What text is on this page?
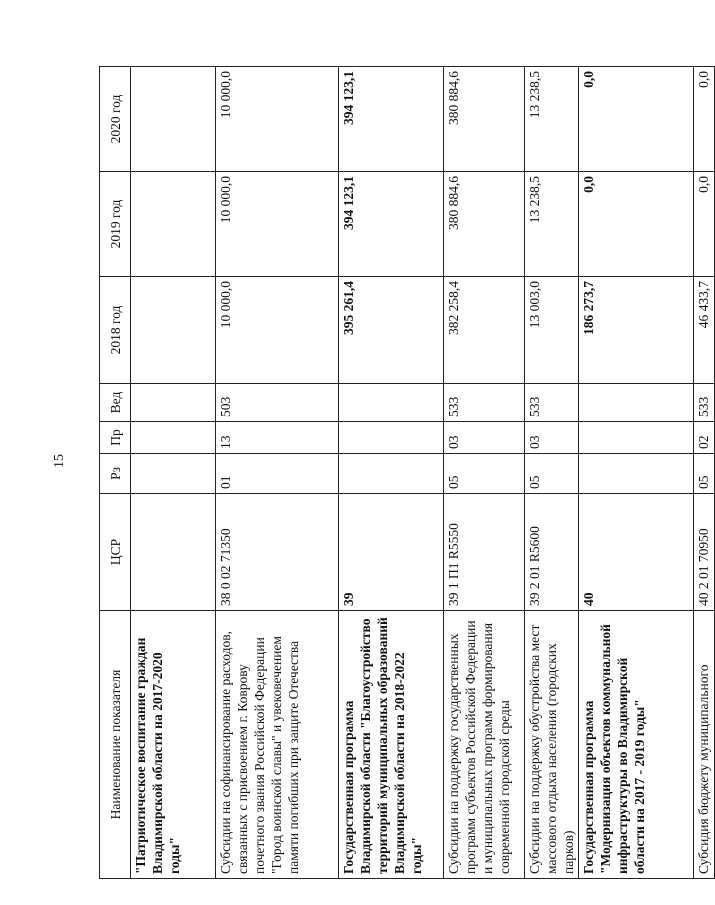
15
Наименование показателя	ЦСР	Рз	Пр	Вед	2018 год	2019 год	2020 год
"Патриотическое воспитание граждан Владимирской области на 2017-2020 годы"							
Субсидии на софинансирование расходов, связанных с присвоением г. Коврову почетного звания Российской Федерации "Город воинской славы" и увековечением памяти погибших при защите Отечества	38 0 02 71350	01	13	503	10 000,0	10 000,0	10 000,0
Государственная программа Владимирской области "Благоустройство территорий муниципальных образований Владимирской области на 2018-2022 годы"	39				395 261,4	394 123,1	394 123,1
Субсидии на поддержку государственных программ субъектов Российской Федерации и муниципальных программ формирования современной городской среды	39 1 П1 R5550	05	03	533	382 258,4	380 884,6	380 884,6
Субсидии на поддержку обустройства мест массового отдыха населения (городских парков)	39 2 01 R5600	05	03	533	13 003,0	13 238,5	13 238,5
Государственная программа "Модернизация объектов коммунальной инфраструктуры во Владимирской области на 2017 - 2019 годы"	40				186 273,7	0,0	0,0
Субсидия бюджету муниципального	40 2 01 70950	05	02	533	46 433,7	0,0	0,0
